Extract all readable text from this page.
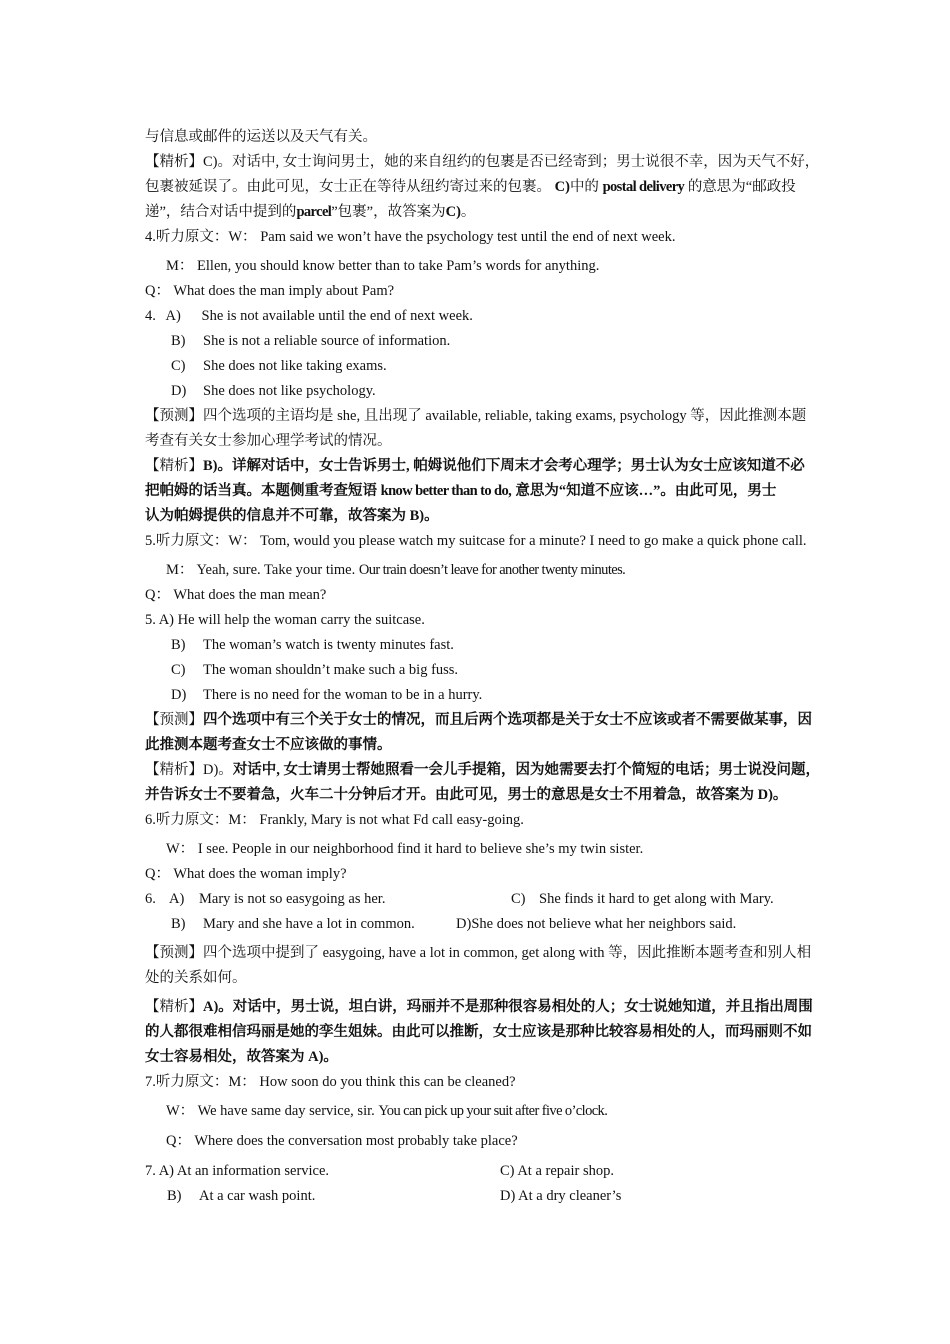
与信息或邮件的运送以及天气有关。
【精析】C)。对话中, 女士询问男士，她的来自纽约的包裹是否已经寄到；男士说很不幸，因为天气不好，
包裹被延误了。由此可见，女士正在等待从纽约寄过来的包裹。 C)中的 postal delivery 的意思为“邮政投
递”，结合对话中提到的parcel”包裹”，故答案为C)。
4.听力原文：W： Pam said we won’t have the psychology test until the end of next week.
M： Ellen, you should know better than to take Pam’s words for anything.
Q： What does the man imply about Pam?
4. A) She is not available until the end of next week.
B) She is not a reliable source of information.
C) She does not like taking exams.
D) She does not like psychology.
【预测】四个选项的主语均是 she, 且出现了 available, reliable, taking exams, psychology 等，因此推测本题
考查有关女士参加心理学考试的情况。
【精析】B)。详解对话中，女士告诉男士, 帕姆说他们下周末才会考心理学；男士认为女士应该知道不必
把帕姆的话当真。本题侧重考查短语 know better than to do, 意思为“知道不应该…”。由此可见，男士
认为帕姆提供的信息并不可靠，故答案为 B)。
5.听力原文：W： Tom, would you please watch my suitcase for a minute? I need to go make a quick phone call.
M： Yeah, sure. Take your time. Our train doesn’t leave for another twenty minutes.
Q： What does the man mean?
5. A) He will help the woman carry the suitcase.
B) The woman’s watch is twenty minutes fast.
C) The woman shouldn’t make such a big fuss.
D) There is no need for the woman to be in a hurry.
【预测】四个选项中有三个关于女士的情况，而且后两个选项都是关于女士不应该或者不需要做某事，因
此推测本题考查女士不应该做的事情。
【精析】D)。对话中, 女士请男士帮她照看一会儿手提箱，因为她需要去打个简短的电话；男士说没问题，
并告诉女士不要着急，火车二十分钟后才开。由此可见，男士的意思是女士不用着急，故答案为 D)。
6.听力原文：M： Frankly, Mary is not what Fd call easy-going.
W： I see. People in our neighborhood find it hard to believe she’s my twin sister.
Q： What does the woman imply?
6. A) Mary is not so easygoing as her.	C) She finds it hard to get along with Mary.
B) Mary and she have a lot in common.	D)She does not believe what her neighbors said.
【预测】四个选项中提到了 easygoing, have a lot in common, get along with 等，因此推断本题考查和别人相
处的关系如何。
【精析】A)。对话中，男士说，坦白讲，玛丽并不是那种很容易相处的人；女士说她知道，并且指出周围
的人都很难相信玛丽是她的孪生姐妹。由此可以推断，女士应该是那种比较容易相处的人，而玛丽则不如
女士容易相处，故答案为 A)。
7.听力原文：M： How soon do you think this can be cleaned?
W： We have same day service, sir. You can pick up your suit after five o’clock.
Q： Where does the conversation most probably take place?
7. A) At an information service.	C) At a repair shop.
B) At a car wash point.	D) At a dry cleaner’s
